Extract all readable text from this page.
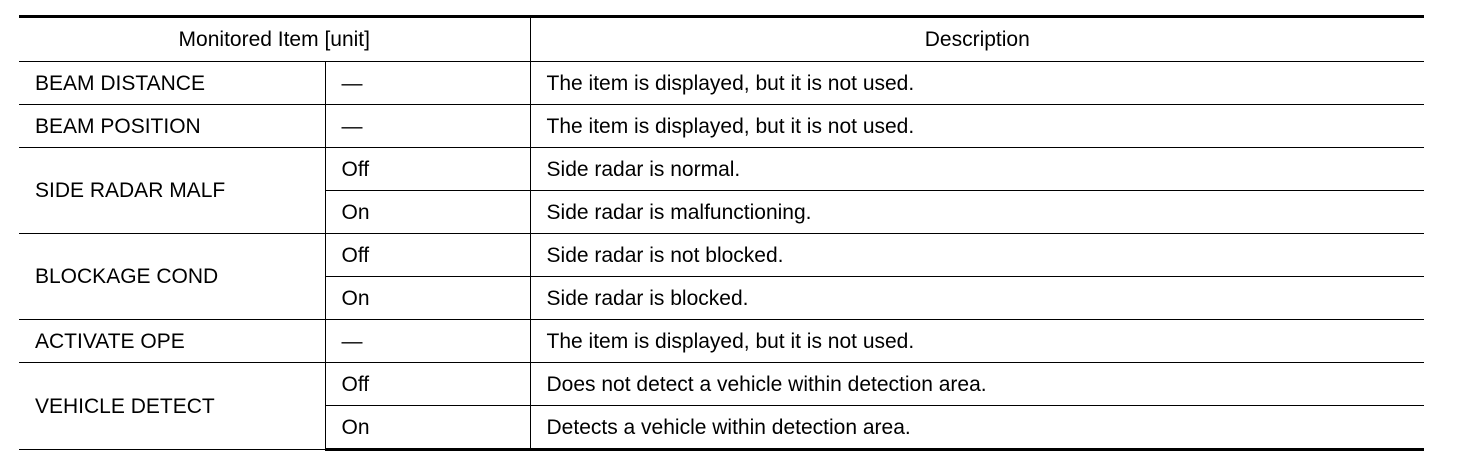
Monitored Item [unit]		Description
BEAM DISTANCE	—	The item is displayed, but it is not used.
BEAM POSITION	—	The item is displayed, but it is not used.
SIDE RADAR MALF	Off	Side radar is normal.
	On	Side radar is malfunctioning.
BLOCKAGE COND	Off	Side radar is not blocked.
	On	Side radar is blocked.
ACTIVATE OPE	—	The item is displayed, but it is not used.
VEHICLE DETECT	Off	Does not detect a vehicle within detection area.
	On	Detects a vehicle within detection area.
